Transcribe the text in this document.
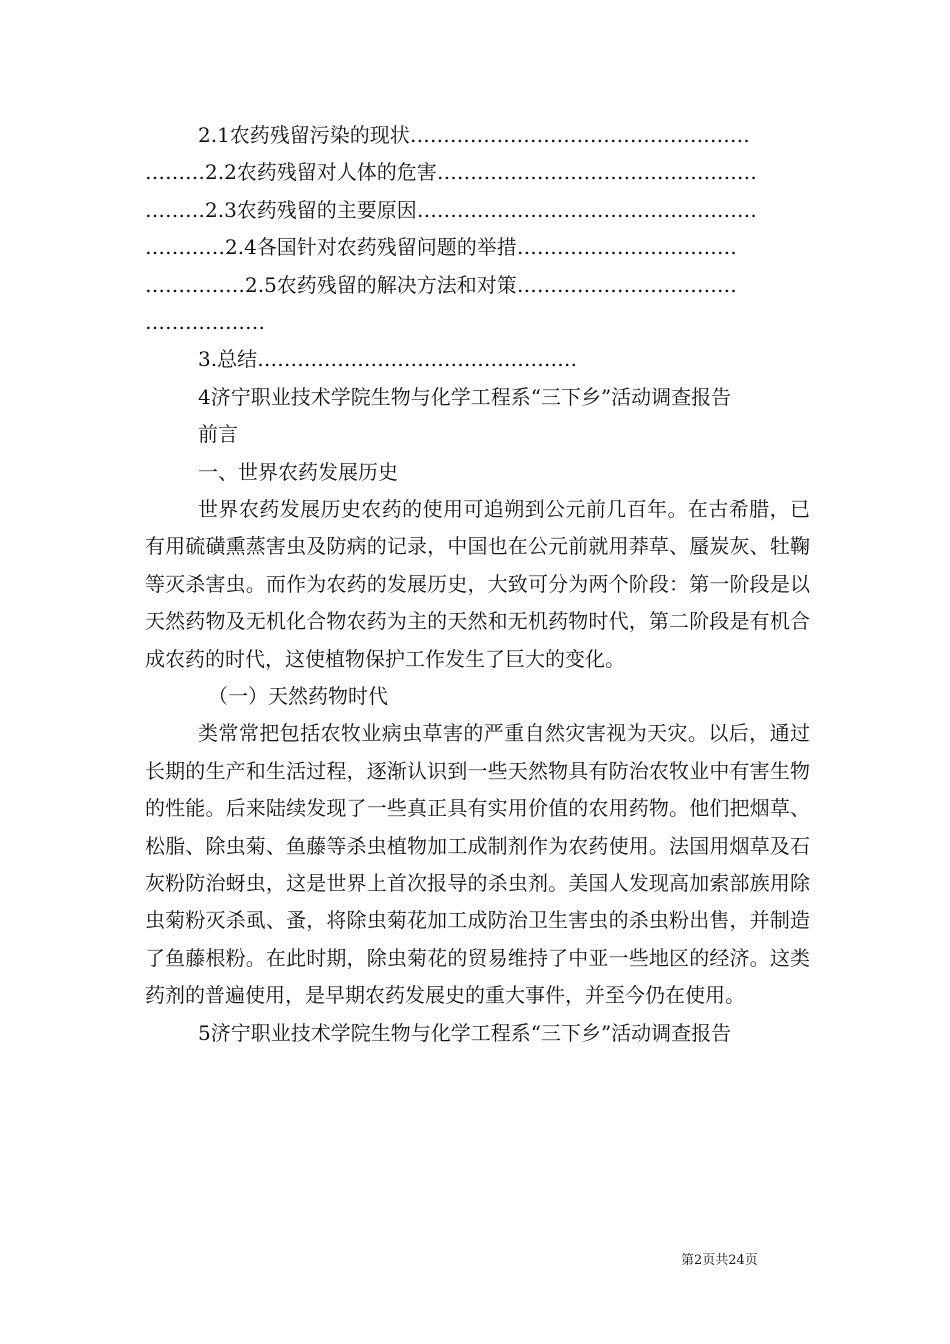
2.1农药残留污染的现状……………………………………………
………2.2农药残留对人体的危害…………………………………………
………2.3农药残留的主要原因……………………………………………
…………2.4各国针对农药残留问题的举措……………………………
……………2.5农药残留的解决方法和对策……………………………
………………
3.总结…………………………………………

4济宁职业技术学院生物与化学工程系“三下乡”活动调查报告

前言

一、世界农药发展历史

世界农药发展历史农药的使用可追朔到公元前几百年。在古希腊，已有用硫磺熏蒸害虫及防病的记录，中国也在公元前就用莽草、蜃炭灰、牡鞠等灭杀害虫。而作为农药的发展历史，大致可分为两个阶段：第一阶段是以天然药物及无机化合物农药为主的天然和无机药物时代，第二阶段是有机合成农药的时代，这使植物保护工作发生了巨大的变化。

（一）天然药物时代

类常常把包括农牧业病虫草害的严重自然灾害视为天灾。以后，通过长期的生产和生活过程，逐渐认识到一些天然物具有防治农牧业中有害生物的性能。后来陆续发现了一些真正具有实用价值的农用药物。他们把烟草、松脂、除虫菊、鱼藤等杀虫植物加工成制剂作为农药使用。法国用烟草及石灰粉防治蚜虫，这是世界上首次报导的杀虫剂。美国人发现高加索部族用除虫菊粉灭杀虱、蚤，将除虫菊花加工成防治卫生害虫的杀虫粉出售，并制造了鱼藤根粉。在此时期，除虫菊花的贸易维持了中亚一些地区的经济。这类药剂的普遍使用，是早期农药发展史的重大事件，并至今仍在使用。

5济宁职业技术学院生物与化学工程系“三下乡”活动调查报告

第2页共24页
